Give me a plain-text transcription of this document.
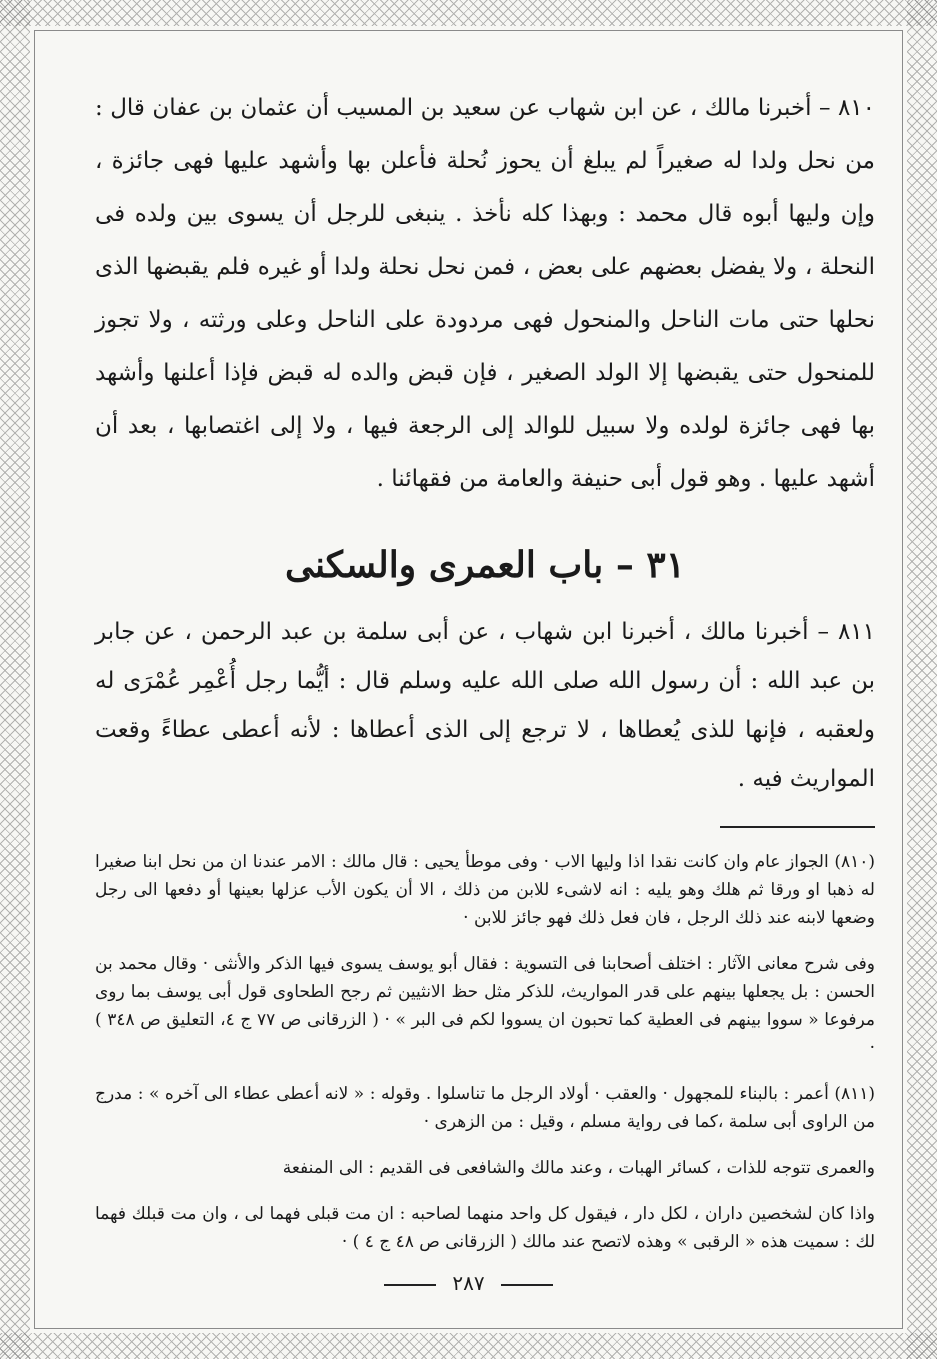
٨١٠ – أخبرنا مالك ، عن ابن شهاب عن سعيد بن المسيب أن عثمان بن عفان قال : من نحل ولدا له صغيراً لم يبلغ أن يحوز نُحلة فأعلن بها وأشهد عليها فهى جائزة ، وإن وليها أبوه قال محمد : وبهذا كله نأخذ . ينبغى للرجل أن يسوى بين ولده فى النحلة ، ولا يفضل بعضهم على بعض ، فمن نحل نحلة ولدا أو غيره فلم يقبضها الذى نحلها حتى مات الناحل والمنحول فهى مردودة على الناحل وعلى ورثته ، ولا تجوز للمنحول حتى يقبضها إلا الولد الصغير ، فإن قبض والده له قبض فإذا أعلنها وأشهد بها فهى جائزة لولده ولا سبيل للوالد إلى الرجعة فيها ، ولا إلى اغتصابها ، بعد أن أشهد عليها . وهو قول أبى حنيفة والعامة من فقهائنا .

٣١ – باب العمرى والسكنى

٨١١ – أخبرنا مالك ، أخبرنا ابن شهاب ، عن أبى سلمة بن عبد الرحمن ، عن جابر بن عبد الله : أن رسول الله صلى الله عليه وسلم قال : أيُّما رجل أُعْمِر عُمْرَى له ولعقبه ، فإنها للذى يُعطاها ، لا ترجع إلى الذى أعطاها : لأنه أعطى عطاءً وقعت المواريث فيه .

(٨١٠) الجواز عام وان كانت نقدا اذا وليها الاب · وفى موطأ يحيى : قال مالك : الامر عندنا ان من نحل ابنا صغيرا له ذهبا او ورقا ثم هلك وهو يليه : انه لاشىء للابن من ذلك ، الا أن يكون الأب عزلها بعينها أو دفعها الى رجل وضعها لابنه عند ذلك الرجل ، فان فعل ذلك فهو جائز للابن ·

وفى شرح معانى الآثار : اختلف أصحابنا فى التسوية : فقال أبو يوسف يسوى فيها الذكر والأنثى · وقال محمد بن الحسن : بل يجعلها بينهم على قدر المواريث، للذكر مثل حظ الانثيين ثم رجح الطحاوى قول أبى يوسف بما روى مرفوعا « سووا بينهم فى العطية كما تحبون ان يسووا لكم فى البر » · ( الزرقانى ص ٧٧ ج ٤، التعليق ص ٣٤٨ ) ·

(٨١١) أعمر : بالبناء للمجهول · والعقب · أولاد الرجل ما تناسلوا . وقوله : « لانه أعطى عطاء الى آخره » : مدرج من الراوى أبى سلمة ،كما فى رواية مسلم ، وقيل : من الزهرى ·

والعمرى تتوجه للذات ، كسائر الهبات ، وعند مالك والشافعى فى القديم : الى المنفعة

واذا كان لشخصين داران ، لكل دار ، فيقول كل واحد منهما لصاحبه : ان مت قبلى فهما لى ، وان مت قبلك فهما لك : سميت هذه « الرقبى » وهذه لاتصح عند مالك ( الزرقانى ص ٤٨ ج ٤ ) ·

٢٨٧
